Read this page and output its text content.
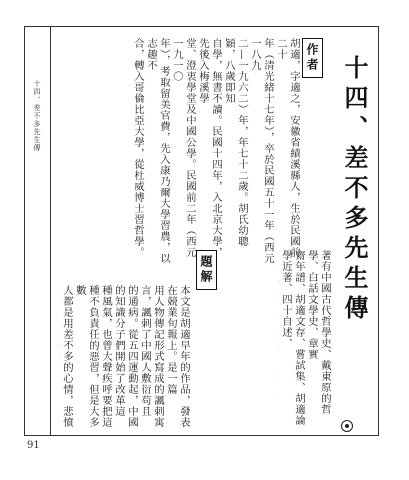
十四、差不多先生傳
91
十四、差不多先生傳
作者
胡適，字適之，安徽省績溪縣人，生於民國前二十
年（清光緒十七年），卒於民國五十一年（西元一八九
二—一九六二）年，年七十二歲。胡氏幼聰穎，八歲即知
自學，無書不讀。民國十四年，入北京大學，先後入梅溪學
堂、澄衷學堂及中國公學。民國前二年（西元一九一〇
年），考取留美官費，先入康乃爾大學習農，以志趣不
合，轉入哥倫比亞大學，從杜威博士習哲學。	著有中國古代哲學史、戴東原的哲學、白話文學史、章實
齋年譜、胡適文存、嘗試集、胡適論學近著、四十自述、
題解
本文是胡適早年的作品，發表在競業旬報上。是一篇
用人物傳記形式寫成的諷刺寓言，諷刺了中國人敷衍苟且
的通病。從五四運動起，中國的知識分子們開始了改革這
種風氣，也曾大聲疾呼要把這種不負責任的惡習，但是大多數
人都是用差不多的心情，悲憤
